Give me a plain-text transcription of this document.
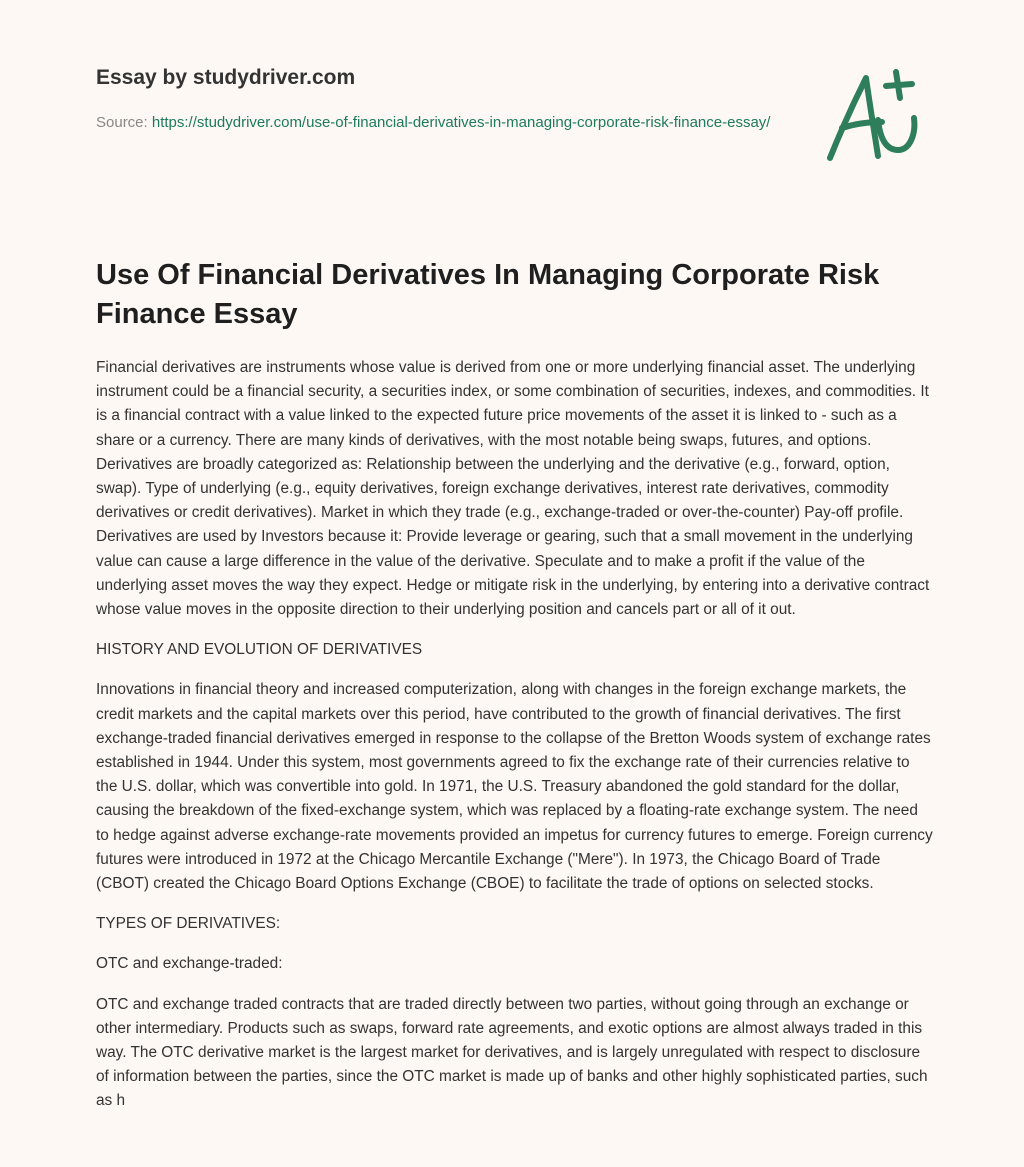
Essay by studydriver.com
Source: https://studydriver.com/use-of-financial-derivatives-in-managing-corporate-risk-finance-essay/
Use Of Financial Derivatives In Managing Corporate Risk Finance Essay

Financial derivatives are instruments whose value is derived from one or more underlying financial asset. The underlying instrument could be a financial security, a securities index, or some combination of securities, indexes, and commodities. It is a financial contract with a value linked to the expected future price movements of the asset it is linked to - such as a share or a currency. There are many kinds of derivatives, with the most notable being swaps, futures, and options. Derivatives are broadly categorized as: Relationship between the underlying and the derivative (e.g., forward, option, swap). Type of underlying (e.g., equity derivatives, foreign exchange derivatives, interest rate derivatives, commodity derivatives or credit derivatives). Market in which they trade (e.g., exchange-traded or over-the-counter) Pay-off profile. Derivatives are used by Investors because it: Provide leverage or gearing, such that a small movement in the underlying value can cause a large difference in the value of the derivative. Speculate and to make a profit if the value of the underlying asset moves the way they expect. Hedge or mitigate risk in the underlying, by entering into a derivative contract whose value moves in the opposite direction to their underlying position and cancels part or all of it out.

HISTORY AND EVOLUTION OF DERIVATIVES

Innovations in financial theory and increased computerization, along with changes in the foreign exchange markets, the credit markets and the capital markets over this period, have contributed to the growth of financial derivatives. The first exchange-traded financial derivatives emerged in response to the collapse of the Bretton Woods system of exchange rates established in 1944. Under this system, most governments agreed to fix the exchange rate of their currencies relative to the U.S. dollar, which was convertible into gold. In 1971, the U.S. Treasury abandoned the gold standard for the dollar, causing the breakdown of the fixed-exchange system, which was replaced by a floating-rate exchange system. The need to hedge against adverse exchange-rate movements provided an impetus for currency futures to emerge. Foreign currency futures were introduced in 1972 at the Chicago Mercantile Exchange ("Mere"). In 1973, the Chicago Board of Trade (CBOT) created the Chicago Board Options Exchange (CBOE) to facilitate the trade of options on selected stocks.

TYPES OF DERIVATIVES:

OTC and exchange-traded:

OTC and exchange traded contracts that are traded directly between two parties, without going through an exchange or other intermediary. Products such as swaps, forward rate agreements, and exotic options are almost always traded in this way. The OTC derivative market is the largest market for derivatives, and is largely unregulated with respect to disclosure of information between the parties, since the OTC market is made up of banks and other highly sophisticated parties, such as h
